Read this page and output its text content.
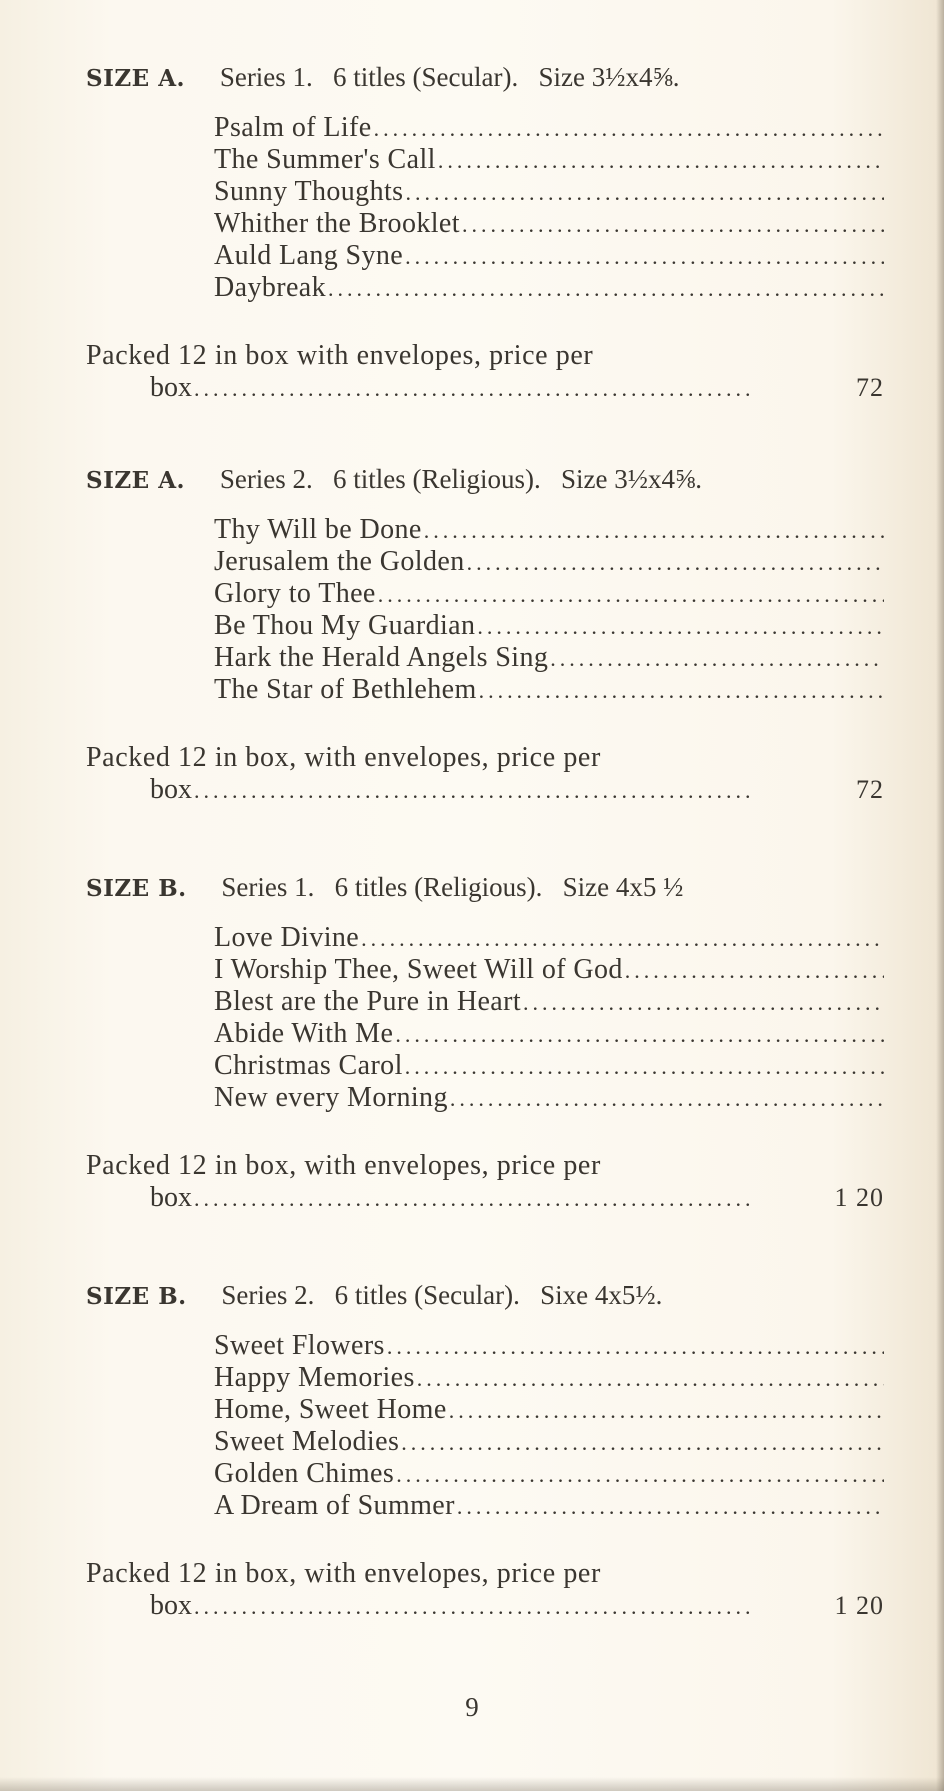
SIZE A. Series 1. 6 titles (Secular). Size 3½x4⅝.
Psalm of Life
.....
The Summer's Call
.....
Sunny Thoughts
.....
Whither the Brooklet
.....
Auld Lang Syne
.....
Daybreak
.....
Packed 12 in box with envelopes, price per
box .....	72
SIZE A. Series 2. 6 titles (Religious). Size 3½x4⅝.
Thy Will be Done
.....
Jerusalem the Golden
.....
Glory to Thee
.....
Be Thou My Guardian
.....
Hark the Herald Angels Sing
.....
The Star of Bethlehem
.....
Packed 12 in box, with envelopes, price per
box .....	72
SIZE B. Series 1. 6 titles (Religious). Size 4x5 ½
Love Divine
.....
I Worship Thee, Sweet Will of God
.....
Blest are the Pure in Heart
.....
Abide With Me
.....
Christmas Carol
.....
New every Morning
.....
Packed 12 in box, with envelopes, price per
box .....	1 20
SIZE B. Series 2. 6 titles (Secular). Sixe 4x5½.
Sweet Flowers
.....
Happy Memories
.....
Home, Sweet Home
.....
Sweet Melodies
.....
Golden Chimes
.....
A Dream of Summer
.....
Packed 12 in box, with envelopes, price per
box .....	1 20
9
